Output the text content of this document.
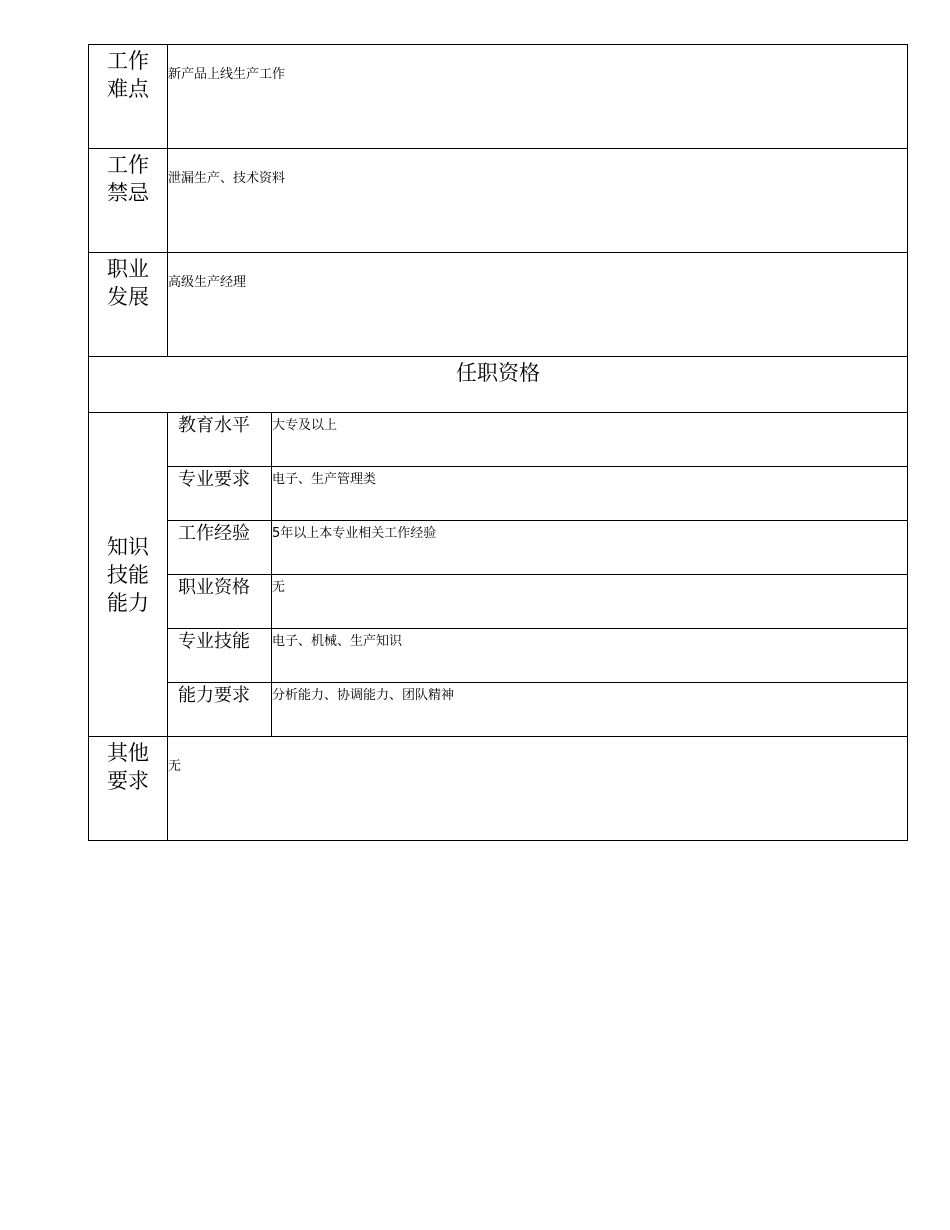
工作
难点	新产品上线生产工作	

工作
禁忌	泄漏生产、技术资料	

职业
发展	高级生产经理	
任职资格		

知识
技能
能力	教育水平	大专及以上
	专业要求	电子、生产管理类
	工作经验	5年以上本专业相关工作经验
	职业资格	无
	专业技能	电子、机械、生产知识
	能力要求	分析能力、协调能力、团队精神

其他
要求	无	
